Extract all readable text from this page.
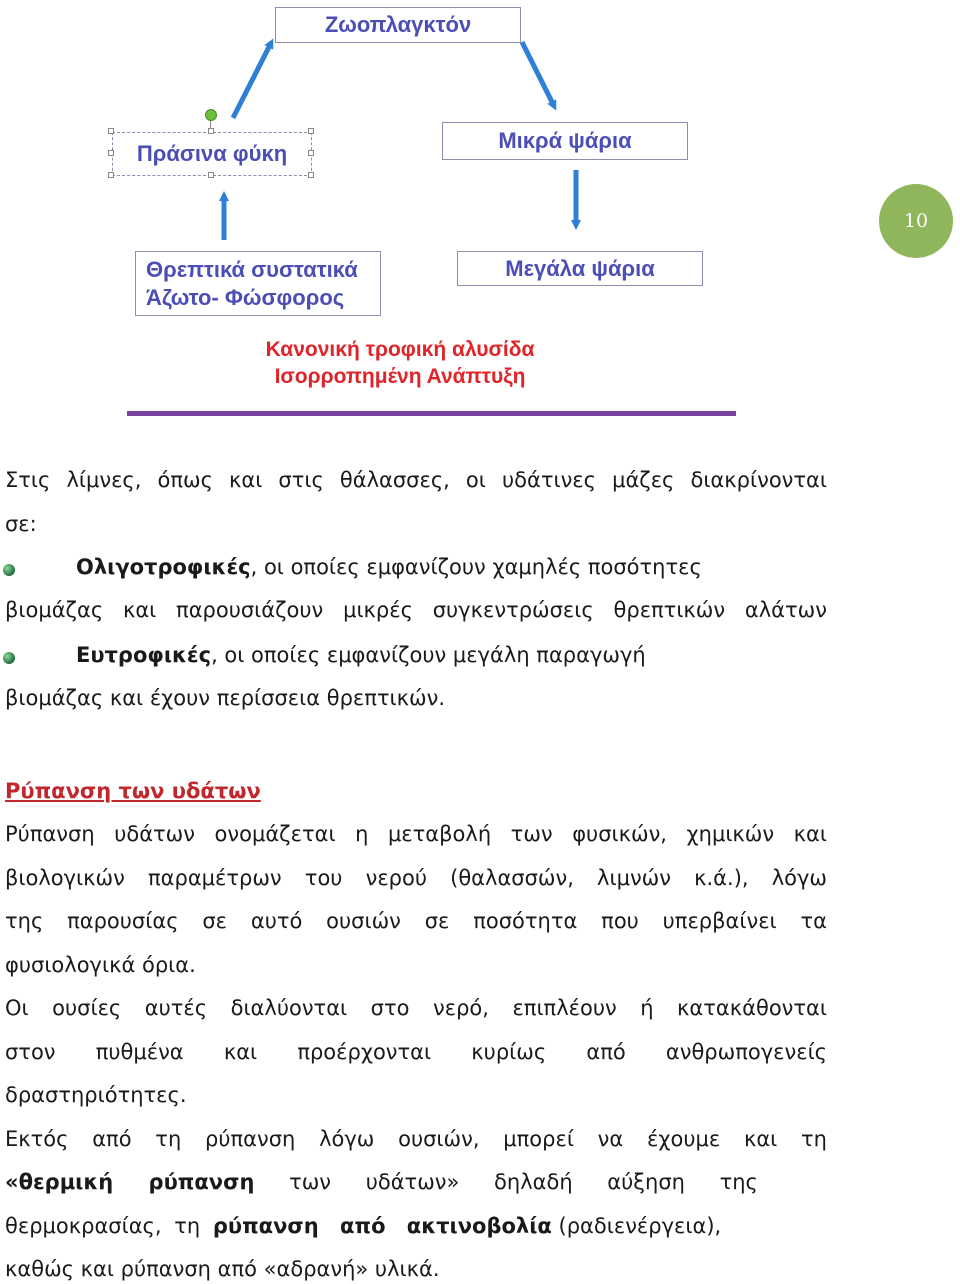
Ζωοπλαγκτόν
Πράσινα φύκη
Μικρά ψάρια
Θρεπτικά συστατικά
Άζωτο- Φώσφορος
Μεγάλα ψάρια
Κανονική τροφική αλυσίδα
Ισορροπημένη Ανάπτυξη
10
Στις λίμνες, όπως και στις θάλασσες, οι υδάτινες μάζες διακρίνονται
σε:
Ολιγοτροφικές, οι οποίες εμφανίζουν χαμηλές ποσότητες
βιομάζας και παρουσιάζουν μικρές συγκεντρώσεις θρεπτικών αλάτων
Ευτροφικές, οι οποίες εμφανίζουν μεγάλη παραγωγή
βιομάζας και έχουν περίσσεια θρεπτικών.
Ρύπανση των υδάτων
Ρύπανση υδάτων ονομάζεται η μεταβολή των φυσικών, χημικών και
βιολογικών παραμέτρων του νερού (θαλασσών, λιμνών κ.ά.), λόγω
της παρουσίας σε αυτό ουσιών σε ποσότητα που υπερβαίνει τα
φυσιολογικά όρια.
Οι ουσίες αυτές διαλύονται στο νερό, επιπλέουν ή κατακάθονται
στον πυθμένα και προέρχονται κυρίως από ανθρωπογενείς
δραστηριότητες.
Εκτός από τη ρύπανση λόγω ουσιών, μπορεί να έχουμε και τη
«θερμική ρύπανση των υδάτων» δηλαδή αύξηση της
θερμοκρασίας, τη ρύπανση από ακτινοβολία (ραδιενέργεια),
καθώς και ρύπανση από «αδρανή» υλικά.
